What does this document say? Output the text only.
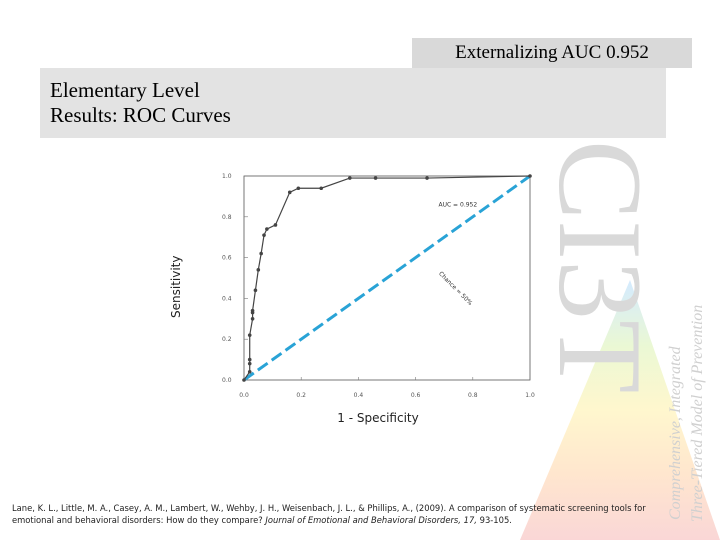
Externalizing AUC 0.952
Elementary Level
Results: ROC Curves
CI3T
Comprehensive, Integrated Three-Tiered Model of Prevention
0.0
0.2
0.4
0.6
0.8
1.0
0.0	0.2	0.4	0.6	0.8	1.0
AUC = 0.952
Chance = 50%
Sensitivity
1 - Specificity
Lane, K. L., Little, M. A., Casey, A. M., Lambert, W., Wehby, J. H., Weisenbach, J. L., & Phillips, A., (2009). A comparison of systematic screening tools for emotional and behavioral disorders: How do they compare? Journal of Emotional and Behavioral Disorders, 17, 93-105.
